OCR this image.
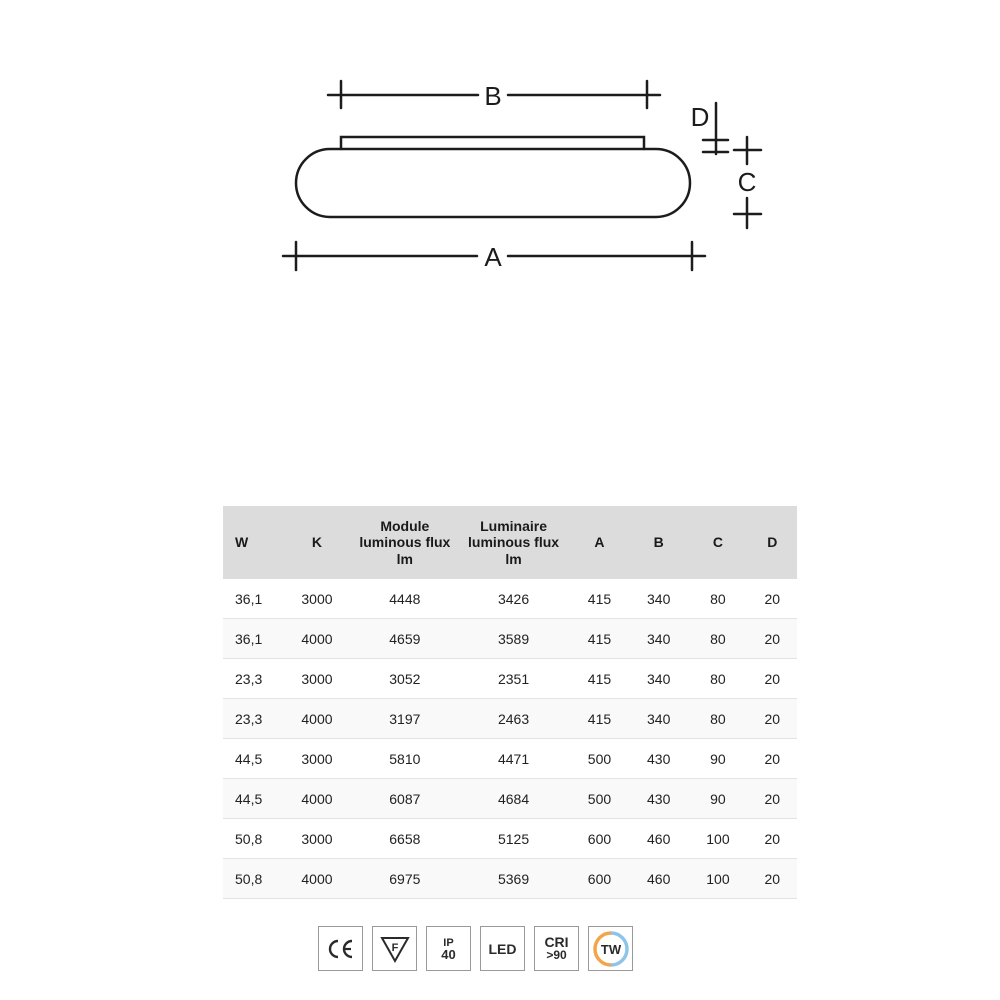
B
A
D
C
W	K	Module luminous flux lm	Luminaire luminous flux lm	A	B	C	D
36,1	3000	4448	3426	415	340	80	20
36,1	4000	4659	3589	415	340	80	20
23,3	3000	3052	2351	415	340	80	20
23,3	4000	3197	2463	415	340	80	20
44,5	3000	5810	4471	500	430	90	20
44,5	4000	6087	4684	500	430	90	20
50,8	3000	6658	5125	600	460	100	20
50,8	4000	6975	5369	600	460	100	20
F	IP
40 LED CRI
>90	TW
